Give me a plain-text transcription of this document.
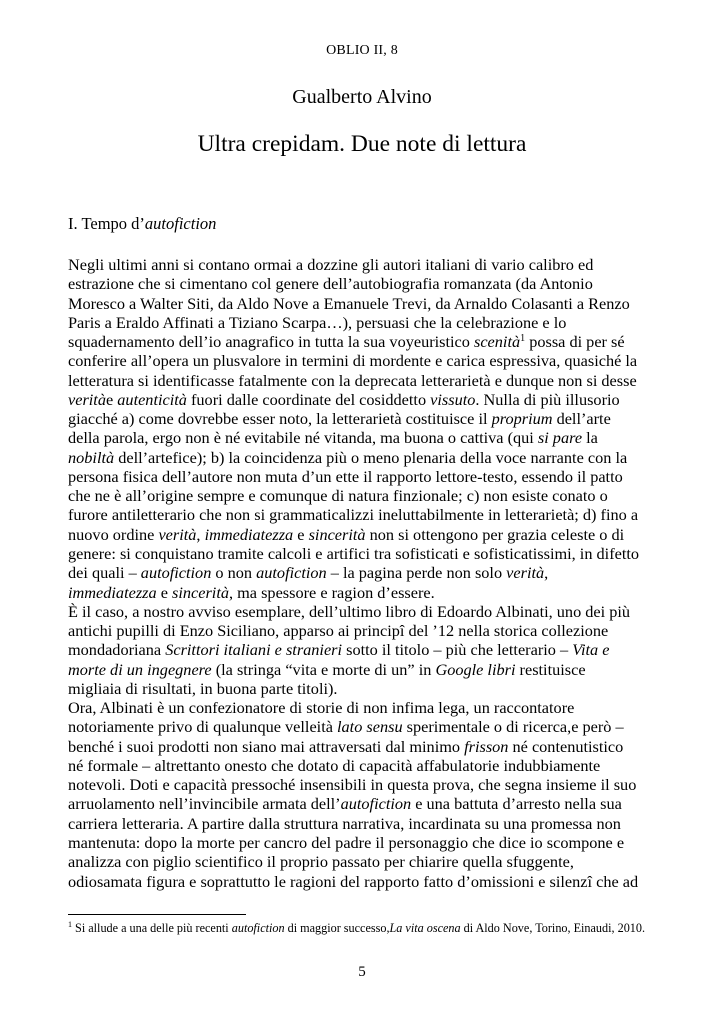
OBLIO II, 8
Gualberto Alvino
Ultra crepidam. Due note di lettura
I. Tempo d’autofiction
Negli ultimi anni si contano ormai a dozzine gli autori italiani di vario calibro ed
estrazione che si cimentano col genere dell’autobiografia romanzata (da Antonio
Moresco a Walter Siti, da Aldo Nove a Emanuele Trevi, da Arnaldo Colasanti a Renzo
Paris a Eraldo Affinati a Tiziano Scarpa…), persuasi che la celebrazione e lo
squadernamento dell’io anagrafico in tutta la sua voyeuristico scenità$^1$ possa di per sé
conferire all’opera un plusvalore in termini di mordente e carica espressiva, quasiché la
letteratura si identificasse fatalmente con la deprecata letterarietà e dunque non si desse
veritàe autenticità fuori dalle coordinate del cosiddetto vissuto. Nulla di più illusorio
giacché a) come dovrebbe esser noto, la letterarietà costituisce il proprium dell’arte
della parola, ergo non è né evitabile né vitanda, ma buona o cattiva (qui si pare la
nobiltà dell’artefice); b) la coincidenza più o meno plenaria della voce narrante con la
persona fisica dell’autore non muta d’un ette il rapporto lettore-testo, essendo il patto
che ne è all’origine sempre e comunque di natura finzionale; c) non esiste conato o
furore antiletterario che non si grammaticalizzi ineluttabilmente in letterarietà; d) fino a
nuovo ordine verità, immediatezza e sincerità non si ottengono per grazia celeste o di
genere: si conquistano tramite calcoli e artifici tra sofisticati e sofisticatissimi, in difetto
dei quali – autofiction o non autofiction – la pagina perde non solo verità,
immediatezza e sincerità, ma spessore e ragion d’essere.
È il caso, a nostro avviso esemplare, dell’ultimo libro di Edoardo Albinati, uno dei più
antichi pupilli di Enzo Siciliano, apparso ai principî del ’12 nella storica collezione
mondadoriana Scrittori italiani e stranieri sotto il titolo – più che letterario – Vita e
morte di un ingegnere (la stringa “vita e morte di un” in Google libri restituisce
migliaia di risultati, in buona parte titoli).
Ora, Albinati è un confezionatore di storie di non infima lega, un raccontatore
notoriamente privo di qualunque velleità lato sensu sperimentale o di ricerca,e però –
benché i suoi prodotti non siano mai attraversati dal minimo frisson né contenutistico
né formale – altrettanto onesto che dotato di capacità affabulatorie indubbiamente
notevoli. Doti e capacità pressoché insensibili in questa prova, che segna insieme il suo
arruolamento nell’invincibile armata dell’autofiction e una battuta d’arresto nella sua
carriera letteraria. A partire dalla struttura narrativa, incardinata su una promessa non
mantenuta: dopo la morte per cancro del padre il personaggio che dice io scompone e
analizza con piglio scientifico il proprio passato per chiarire quella sfuggente,
odiosamata figura e soprattutto le ragioni del rapporto fatto d’omissioni e silenzî che ad
$^1$ Si allude a una delle più recenti autofiction di maggior successo,La vita oscena di Aldo Nove, Torino, Einaudi, 2010.
5
